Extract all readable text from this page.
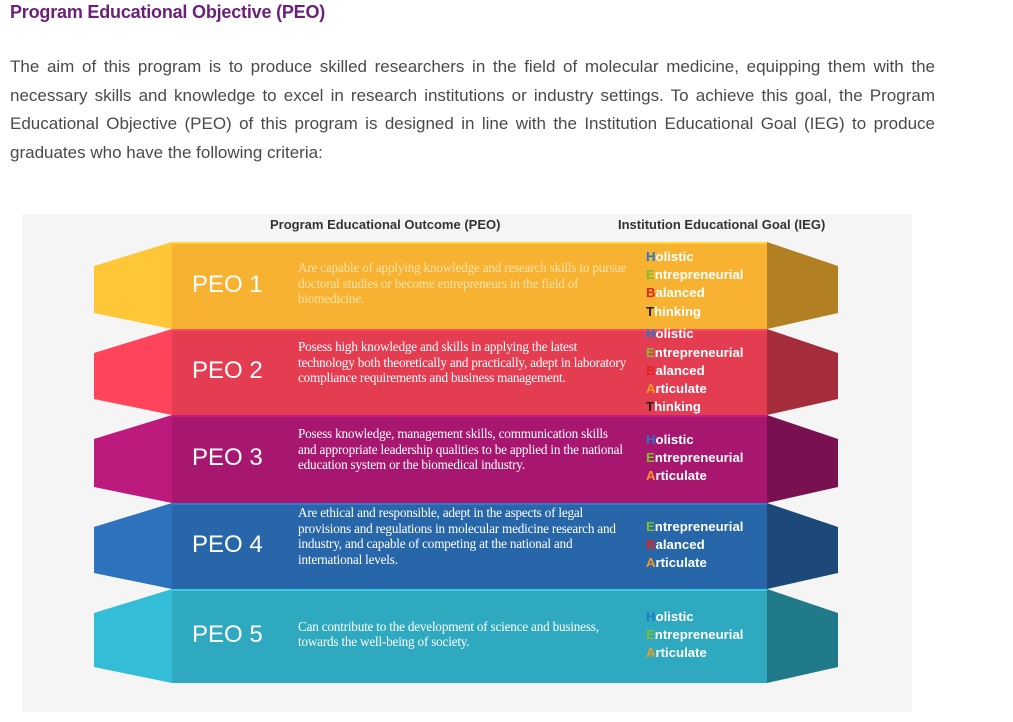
Program Educational Objective (PEO)

The aim of this program is to produce skilled researchers in the field of molecular medicine, equipping them with the necessary skills and knowledge to excel in research institutions or industry settings. To achieve this goal, the Program Educational Objective (PEO) of this program is designed in line with the Institution Educational Goal (IEG) to produce graduates who have the following criteria:

Program Educational Outcome (PEO)	Institution Educational Goal (IEG)
PEO 1
Are capable of applying knowledge and research skills to pursue doctoral studies or become entrepreneurs in the field of biomedicine.
Holistic
Entrepreneurial
Balanced
Thinking
PEO 2
Posess high knowledge and skills in applying the latest technology both theoretically and practically, adept in laboratory compliance requirements and business management.
Holistic
Entrepreneurial
Balanced
Articulate
Thinking
PEO 3
Posess knowledge, management skills, communication skills and appropriate leadership qualities to be applied in the national education system or the biomedical industry.
Holistic
Entrepreneurial
Articulate
PEO 4
Are ethical and responsible, adept in the aspects of legal provisions and regulations in molecular medicine research and industry, and capable of competing at the national and international levels.
Entrepreneurial
Balanced
Articulate
PEO 5	Can contribute to the development of science and business, towards the well-being of society.
Holistic
Entrepreneurial
Articulate
